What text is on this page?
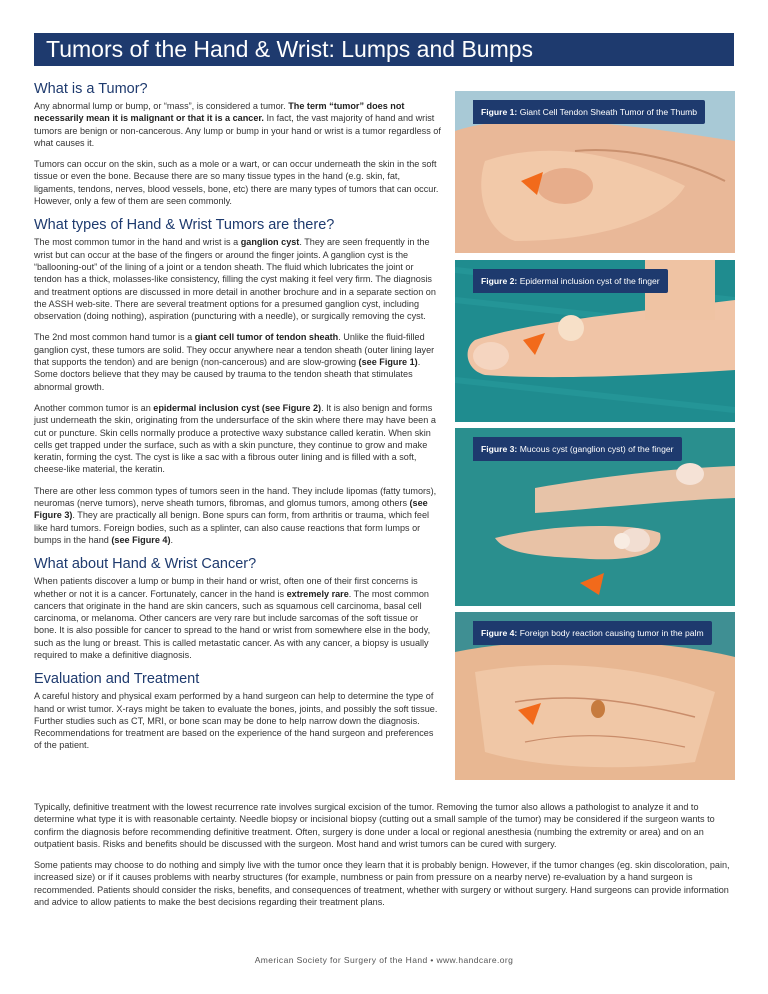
Tumors of the Hand & Wrist: Lumps and Bumps
What is a Tumor?

Any abnormal lump or bump, or “mass”, is considered a tumor. The term “tumor” does not necessarily mean it is malignant or that it is a cancer. In fact, the vast majority of hand and wrist tumors are benign or non-cancerous. Any lump or bump in your hand or wrist is a tumor regardless of what causes it.

Tumors can occur on the skin, such as a mole or a wart, or can occur underneath the skin in the soft tissue or even the bone. Because there are so many tissue types in the hand (e.g. skin, fat, ligaments, tendons, nerves, blood vessels, bone, etc) there are many types of tumors that can occur. However, only a few of them are seen commonly.

What types of Hand & Wrist Tumors are there?

The most common tumor in the hand and wrist is a ganglion cyst. They are seen frequently in the wrist but can occur at the base of the fingers or around the finger joints. A ganglion cyst is the “ballooning-out” of the lining of a joint or a tendon sheath. The fluid which lubricates the joint or tendon has a thick, molasses-like consistency, filling the cyst making it feel very firm. The diagnosis and treatment options are discussed in more detail in another brochure and in a separate section on the ASSH web-site. There are several treatment options for a presumed ganglion cyst, including observation (doing nothing), aspiration (puncturing with a needle), or surgically removing the cyst.

The 2nd most common hand tumor is a giant cell tumor of tendon sheath. Unlike the fluid-filled ganglion cyst, these tumors are solid. They occur anywhere near a tendon sheath (outer lining layer that supports the tendon) and are benign (non-cancerous) and are slow-growing (see Figure 1). Some doctors believe that they may be caused by trauma to the tendon sheath that stimulates abnormal growth.

Another common tumor is an epidermal inclusion cyst (see Figure 2). It is also benign and forms just underneath the skin, originating from the undersurface of the skin where there may have been a cut or puncture. Skin cells normally produce a protective waxy substance called keratin. When skin cells get trapped under the surface, such as with a skin puncture, they continue to grow and make keratin, forming the cyst. The cyst is like a sac with a fibrous outer lining and is filled with a soft, cheese-like material, the keratin.

There are other less common types of tumors seen in the hand. They include lipomas (fatty tumors), neuromas (nerve tumors), nerve sheath tumors, fibromas, and glomus tumors, among others (see Figure 3). They are practically all benign. Bone spurs can form, from arthritis or trauma, which feel like hard tumors. Foreign bodies, such as a splinter, can also cause reactions that form lumps or bumps in the hand (see Figure 4).

What about Hand & Wrist Cancer?

When patients discover a lump or bump in their hand or wrist, often one of their first concerns is whether or not it is a cancer. Fortunately, cancer in the hand is extremely rare. The most common cancers that originate in the hand are skin cancers, such as squamous cell carcinoma, basal cell carcinoma, or melanoma. Other cancers are very rare but include sarcomas of the soft tissue or bone. It is also possible for cancer to spread to the hand or wrist from somewhere else in the body, such as the lung or breast. This is called metastatic cancer. As with any cancer, a biopsy is usually required to make a definitive diagnosis.

Evaluation and Treatment

A careful history and physical exam performed by a hand surgeon can help to determine the type of hand or wrist tumor. X-rays might be taken to evaluate the bones, joints, and possibly the soft tissue. Further studies such as CT, MRI, or bone scan may be done to help narrow down the diagnosis. Recommendations for treatment are based on the experience of the hand surgeon and preferences of the patient.

Typically, definitive treatment with the lowest recurrence rate involves surgical excision of the tumor. Removing the tumor also allows a pathologist to analyze it and to determine what type it is with reasonable certainty. Needle biopsy or incisional biopsy (cutting out a small sample of the tumor) may be considered if the surgeon wants to confirm the diagnosis before recommending definitive treatment. Often, surgery is done under a local or regional anesthesia (numbing the extremity or area) and on an outpatient basis. Risks and benefits should be discussed with the surgeon. Most hand and wrist tumors can be cured with surgery.

Some patients may choose to do nothing and simply live with the tumor once they learn that it is probably benign. However, if the tumor changes (eg. skin discoloration, pain, increased size) or if it causes problems with nearby structures (for example, numbness or pain from pressure on a nearby nerve) re-evaluation by a hand surgeon is recommended. Patients should consider the risks, benefits, and consequences of treatment, whether with surgery or without surgery. Hand surgeons can provide information and advice to allow patients to make the best decisions regarding their treatment plans.

Figure 1: Giant Cell Tendon Sheath Tumor of the Thumb
Figure 2: Epidermal inclusion cyst of the finger
Figure 3: Mucous cyst (ganglion cyst) of the finger
Figure 4: Foreign body reaction causing tumor in the palm
American Society for Surgery of the Hand • www.handcare.org
